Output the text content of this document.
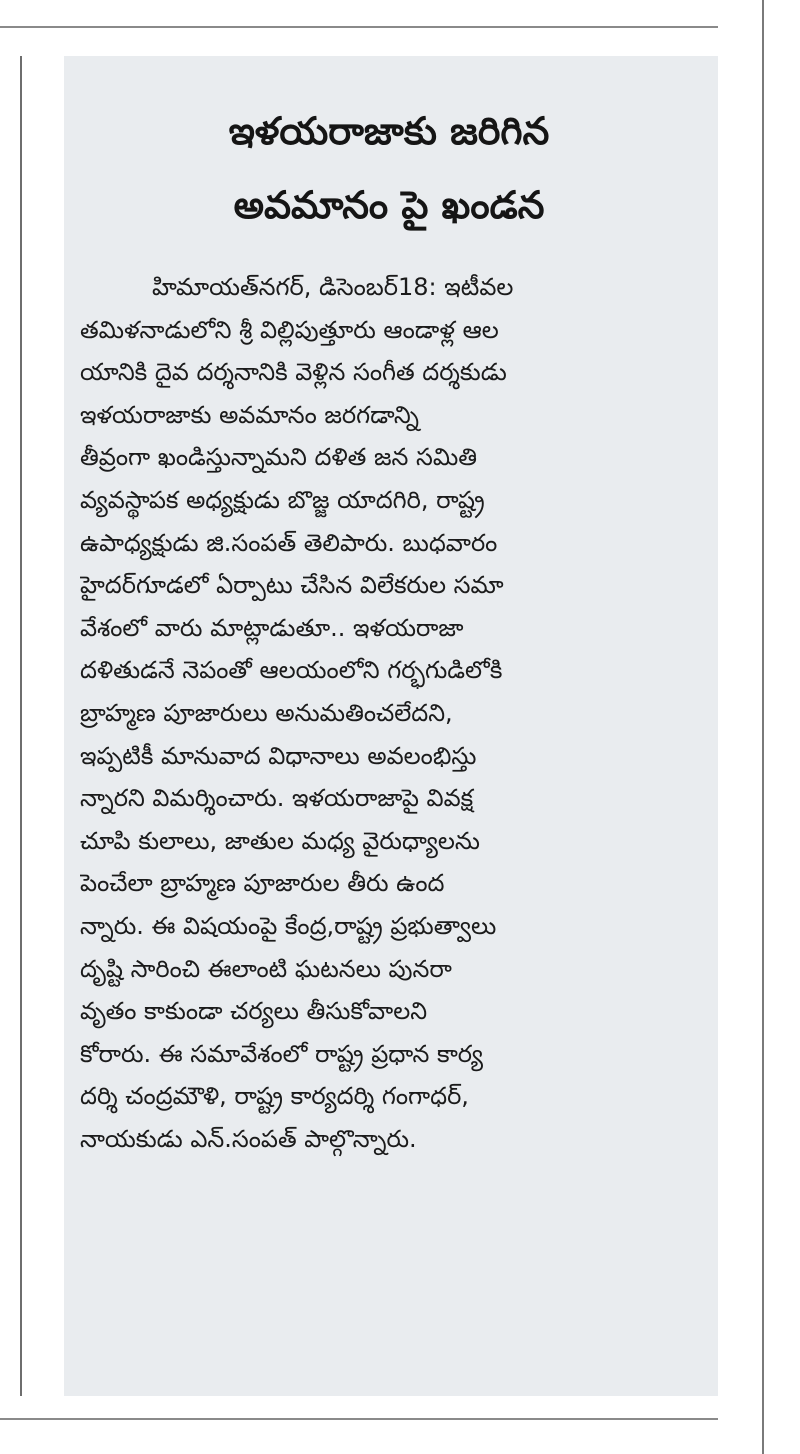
ఇళయరాజాకు జరిగిన
అవమానం పై ఖండన
హిమాయత్‌నగర్‌, డిసెంబర్‌18: ఇటీవల
తమిళనాడులోని శ్రీ విల్లిపుత్తూరు ఆండాళ్ల ఆల
యానికి దైవ దర్శనానికి వెళ్లిన సంగీత దర్శకుడు
ఇళయరాజాకు అవమానం జరగడాన్ని
తీవ్రంగా ఖండిస్తున్నామని దళిత జన సమితి
వ్యవస్థాపక అధ్యక్షుడు బొజ్జ యాదగిరి, రాష్ట్ర
ఉపాధ్యక్షుడు జి.సంపత్‌ తెలిపారు. బుధవారం
హైదర్‌గూడలో ఏర్పాటు చేసిన విలేకరుల సమా
వేశంలో వారు మాట్లాడుతూ.. ఇళయరాజా
దళితుడనే నెపంతో ఆలయంలోని గర్భగుడిలోకి
బ్రాహ్మణ పూజారులు అనుమతించలేదని,
ఇప్పటికీ మానువాద విధానాలు అవలంభిస్తు
న్నారని విమర్శించారు. ఇళయరాజాపై వివక్ష
చూపి కులాలు, జాతుల మధ్య వైరుధ్యాలను
పెంచేలా బ్రాహ్మణ పూజారుల తీరు ఉంద
న్నారు. ఈ విషయంపై కేంద్ర,రాష్ట్ర ప్రభుత్వాలు
దృష్టి సారించి ఈలాంటి ఘటనలు పునరా
వృతం కాకుండా చర్యలు తీసుకోవాలని
కోరారు. ఈ సమావేశంలో రాష్ట్ర ప్రధాన కార్య
దర్శి చంద్రమౌళి, రాష్ట్ర కార్యదర్శి గంగాధర్‌,
నాయకుడు ఎన్‌.సంపత్‌ పాల్గొన్నారు.
